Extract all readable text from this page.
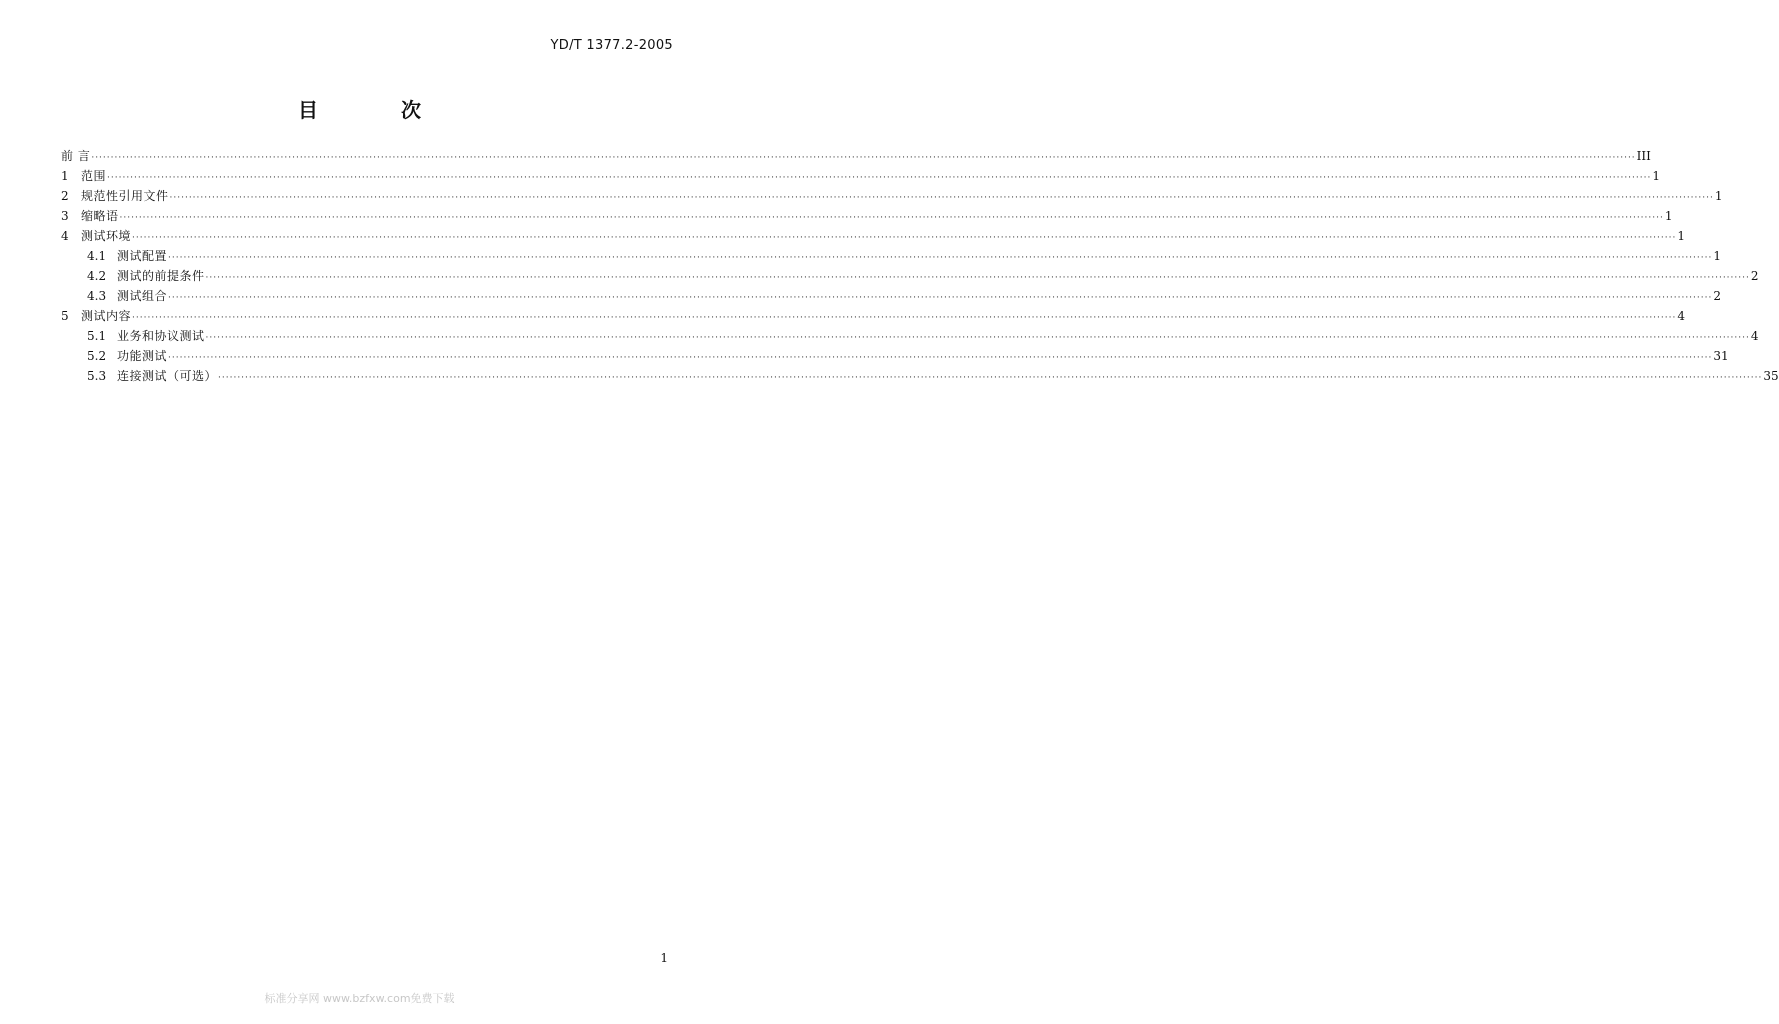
YD/T 1377.2-2005
目 次
前 言 ················································································································································································································································································································································································································ III
1	范围 ················································································································································································································································································································································································································ 1
2	规范性引用文件 ················································································································································································································································································································································································································ 1
3	缩略语 ················································································································································································································································································································································································································ 1
4	测试环境 ················································································································································································································································································································································································································ 1
4.1 测试配置 ················································································································································································································································································································································································································ 1
4.2 测试的前提条件 ················································································································································································································································································································································································································ 2
4.3 测试组合 ················································································································································································································································································································································································································ 2
5	测试内容 ················································································································································································································································································································································································································ 4
5.1 业务和协议测试 ················································································································································································································································································································································································································ 4
5.2 功能测试 ················································································································································································································································································································································································································ 31
5.3 连接测试（可选） ················································································································································································································································································································································································································ 35
1
标准分享网 www.bzfxw.com免费下载
